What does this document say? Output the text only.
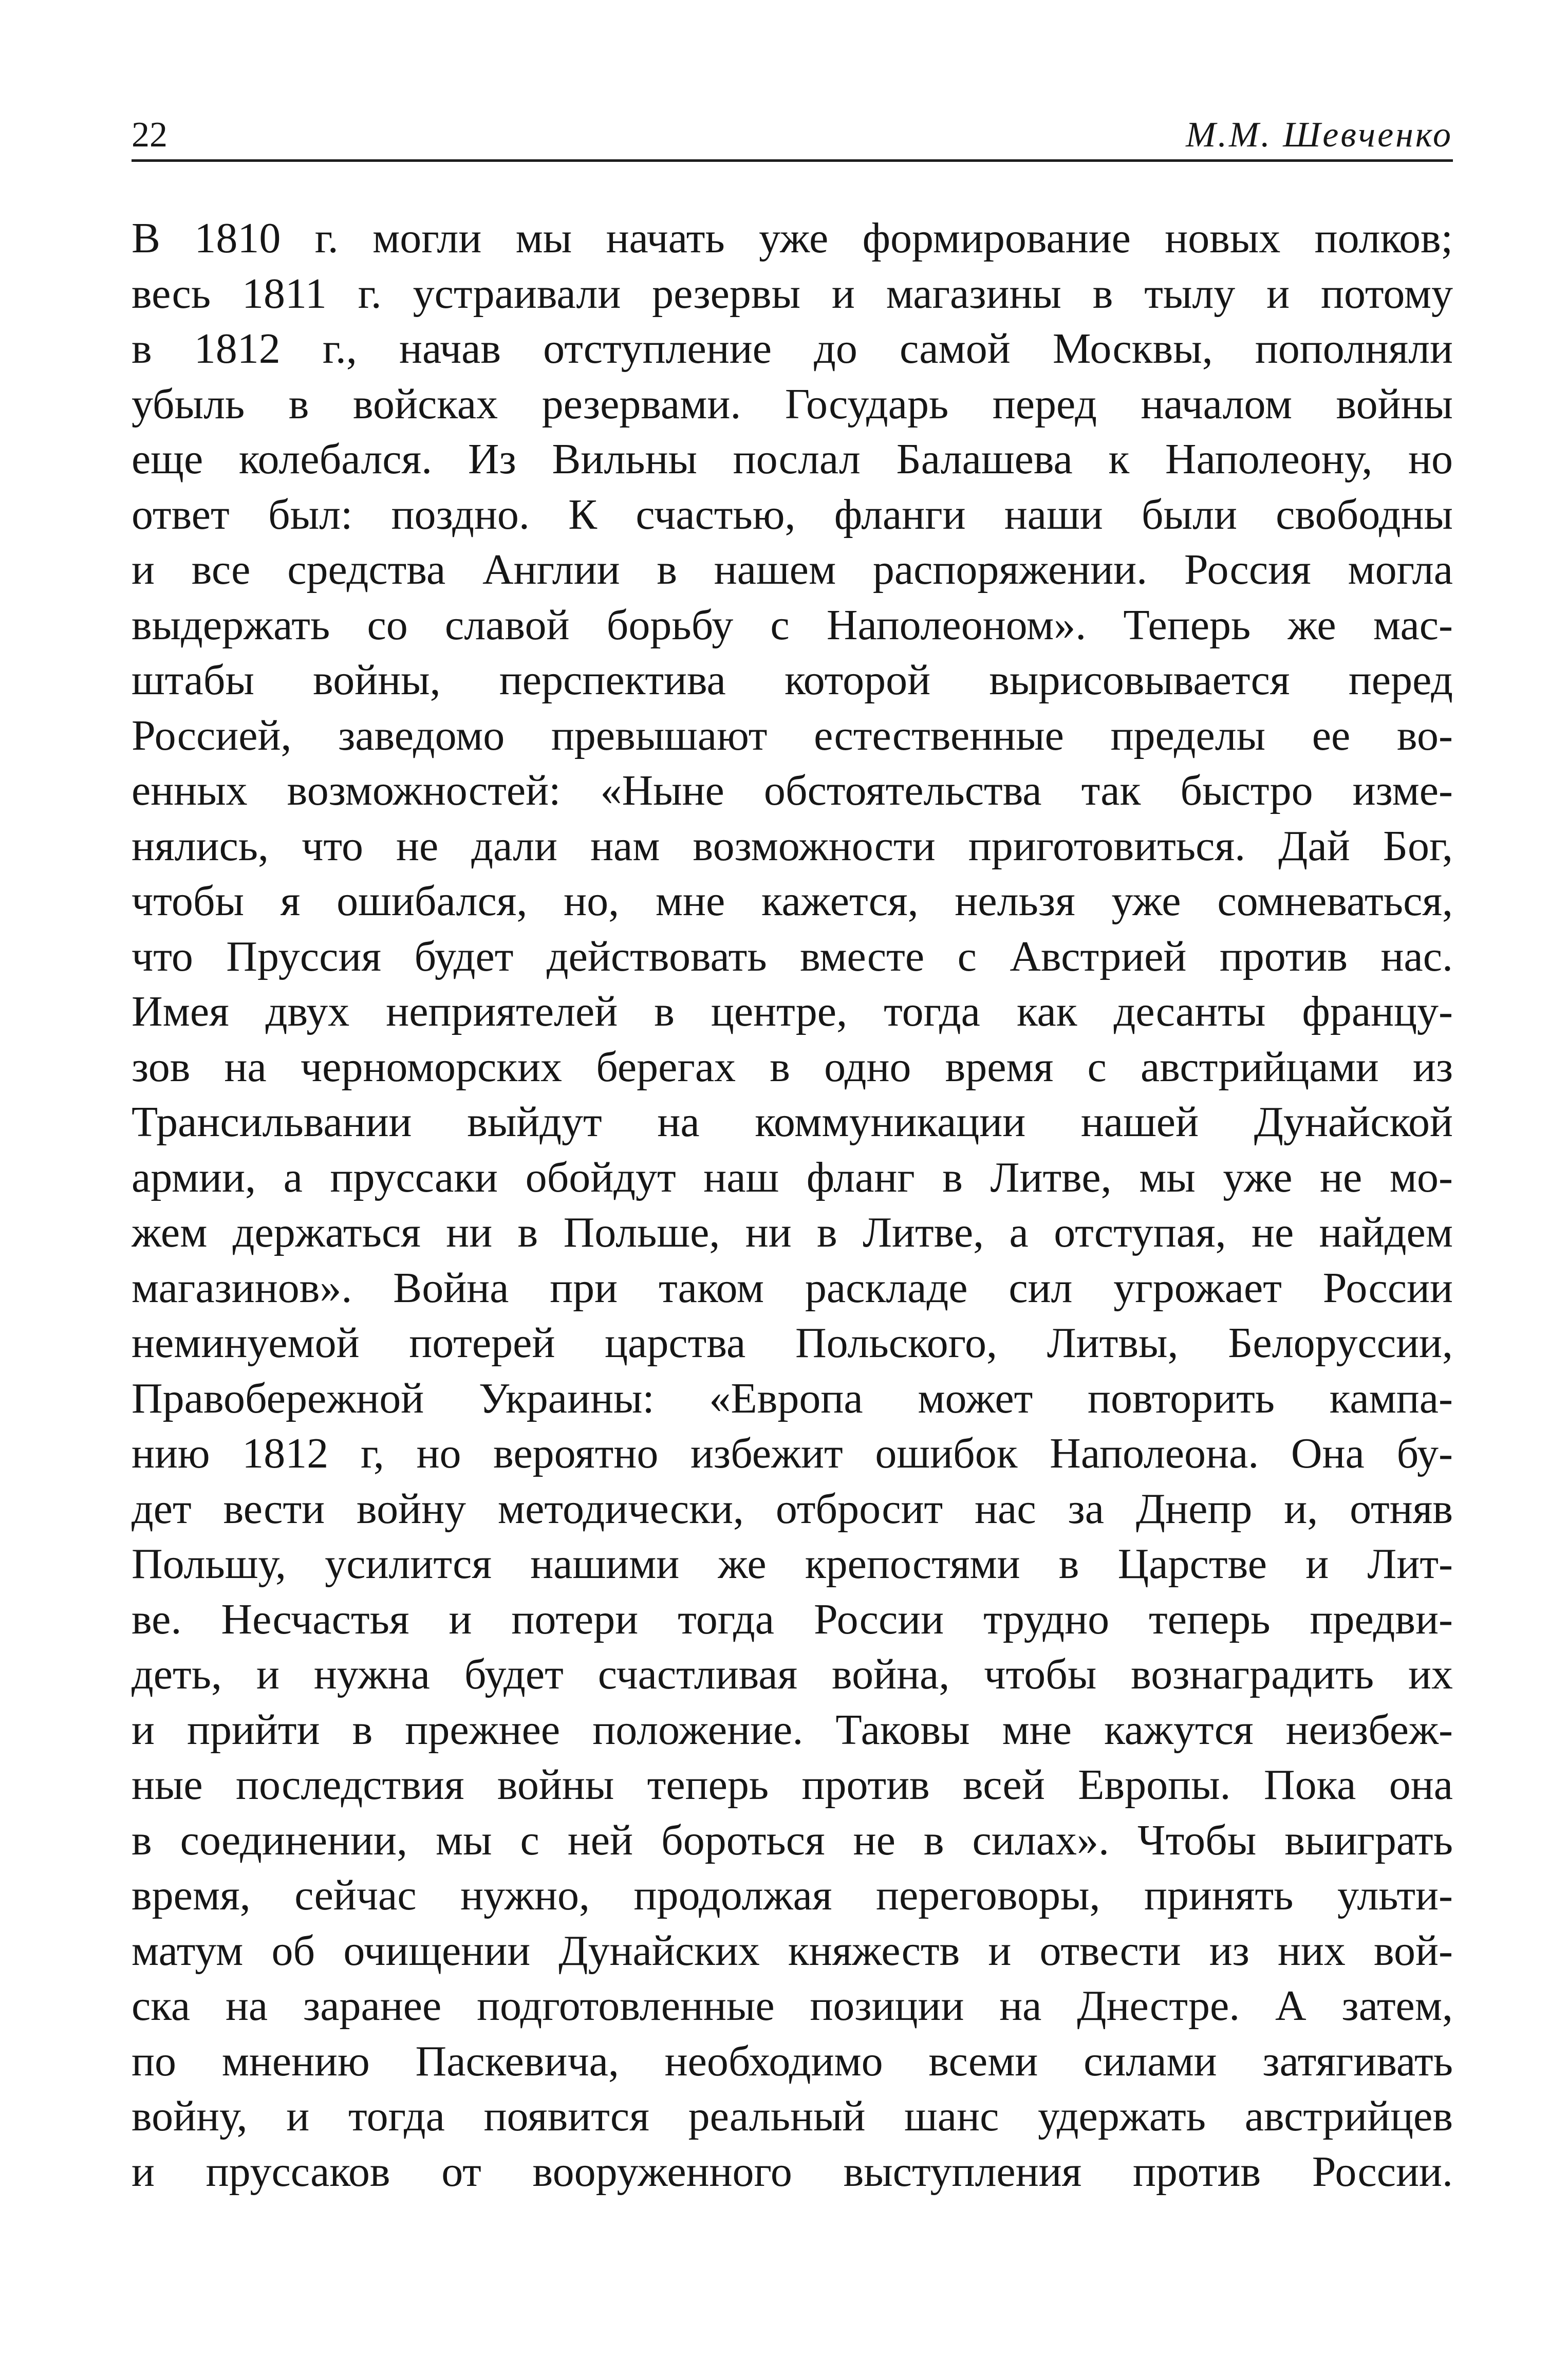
22	М.М. Шевченко
В 1810 г. могли мы начать уже формирование новых полков;
весь 1811 г. устраивали резервы и магазины в тылу и потому
в 1812 г., начав отступление до самой Москвы, пополняли
убыль в войсках резервами. Государь перед началом войны
еще колебался. Из Вильны послал Балашева к Наполеону, но
ответ был: поздно. К счастью, фланги наши были свободны
и все средства Англии в нашем распоряжении. Россия могла
выдержать со славой борьбу с Наполеоном». Теперь же мас-
штабы войны, перспектива которой вырисовывается перед
Россией, заведомо превышают естественные пределы ее во-
енных возможностей: «Ныне обстоятельства так быстро изме-
нялись, что не дали нам возможности приготовиться. Дай Бог,
чтобы я ошибался, но, мне кажется, нельзя уже сомневаться,
что Пруссия будет действовать вместе с Австрией против нас.
Имея двух неприятелей в центре, тогда как десанты францу-
зов на черноморских берегах в одно время с австрийцами из
Трансильвании выйдут на коммуникации нашей Дунайской
армии, а пруссаки обойдут наш фланг в Литве, мы уже не мо-
жем держаться ни в Польше, ни в Литве, а отступая, не найдем
магазинов». Война при таком раскладе сил угрожает России
неминуемой потерей царства Польского, Литвы, Белоруссии,
Правобережной Украины: «Европа может повторить кампа-
нию 1812 г, но вероятно избежит ошибок Наполеона. Она бу-
дет вести войну методически, отбросит нас за Днепр и, отняв
Польшу, усилится нашими же крепостями в Царстве и Лит-
ве. Несчастья и потери тогда России трудно теперь предви-
деть, и нужна будет счастливая война, чтобы вознаградить их
и прийти в прежнее положение. Таковы мне кажутся неизбеж-
ные последствия войны теперь против всей Европы. Пока она
в соединении, мы с ней бороться не в силах». Чтобы выиграть
время, сейчас нужно, продолжая переговоры, принять ульти-
матум об очищении Дунайских княжеств и отвести из них вой-
ска на заранее подготовленные позиции на Днестре. А затем,
по мнению Паскевича, необходимо всеми силами затягивать
войну, и тогда появится реальный шанс удержать австрийцев
и пруссаков от вооруженного выступления против России.
